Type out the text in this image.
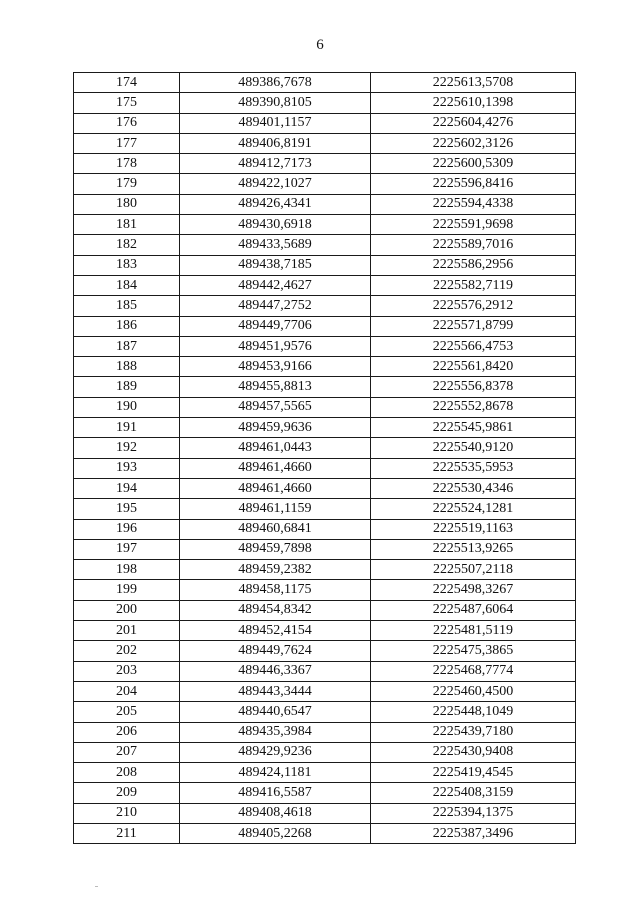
6
174	489386,7678	2225613,5708
175	489390,8105	2225610,1398
176	489401,1157	2225604,4276
177	489406,8191	2225602,3126
178	489412,7173	2225600,5309
179	489422,1027	2225596,8416
180	489426,4341	2225594,4338
181	489430,6918	2225591,9698
182	489433,5689	2225589,7016
183	489438,7185	2225586,2956
184	489442,4627	2225582,7119
185	489447,2752	2225576,2912
186	489449,7706	2225571,8799
187	489451,9576	2225566,4753
188	489453,9166	2225561,8420
189	489455,8813	2225556,8378
190	489457,5565	2225552,8678
191	489459,9636	2225545,9861
192	489461,0443	2225540,9120
193	489461,4660	2225535,5953
194	489461,4660	2225530,4346
195	489461,1159	2225524,1281
196	489460,6841	2225519,1163
197	489459,7898	2225513,9265
198	489459,2382	2225507,2118
199	489458,1175	2225498,3267
200	489454,8342	2225487,6064
201	489452,4154	2225481,5119
202	489449,7624	2225475,3865
203	489446,3367	2225468,7774
204	489443,3444	2225460,4500
205	489440,6547	2225448,1049
206	489435,3984	2225439,7180
207	489429,9236	2225430,9408
208	489424,1181	2225419,4545
209	489416,5587	2225408,3159
210	489408,4618	2225394,1375
211	489405,2268	2225387,3496
